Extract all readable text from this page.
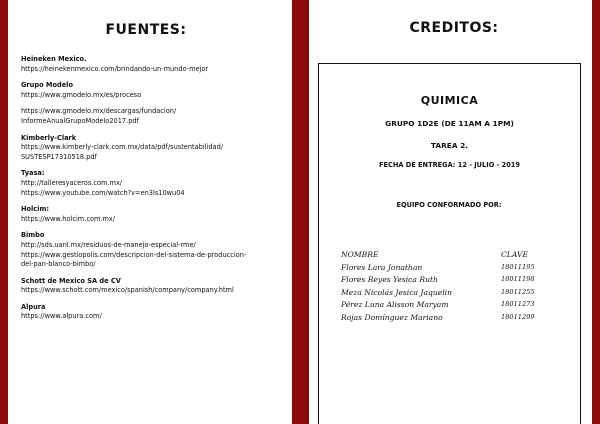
FUENTES:
Heineken Mexico.
https://heinekenmexico.com/brindando-un-mundo-mejor
Grupo Modelo
https://www.gmodelo.mx/es/proceso
https://www.gmodelo.mx/descargas/fundacion/
InformeAnualGrupoModelo2017.pdf
Kimberly-Clark
https://www.kimberly-clark.com.mx/data/pdf/sustentabilidad/
SUSTESP17310518.pdf
Tyasa:
http://talleresyaceros.com.mx/
https://www.youtube.com/watch?v=en3ls10wu04
Holcim:
https://www.holcim.com.mx/
Bimbo
http://sds.uanl.mx/residuos-de-manejo-especial-rme/
https://www.gestiopolis.com/descripcion-del-sistema-de-produccion-
del-pan-blanco-bimbo/
Schott de Mexico SA de CV
https://www.schott.com/mexico/spanish/company/company.html
Alpura
https://www.alpura.com/
CREDITOS:
QUIMICA
GRUPO 1D2E (DE 11AM A 1PM)
TAREA 2.
FECHA DE ENTREGA: 12 - JULIO - 2019
EQUIPO CONFORMADO POR:
NOMBRE	CLAVE
Flores Lara Jonathan	18011195
Flores Reyes Yesica Ruth	18011198
Meza Nicolás Jesica Jaquelin	18011255
Pérez Luna Alisson Maryam	18011273
Rojas Domínguez Mariano	18011299
